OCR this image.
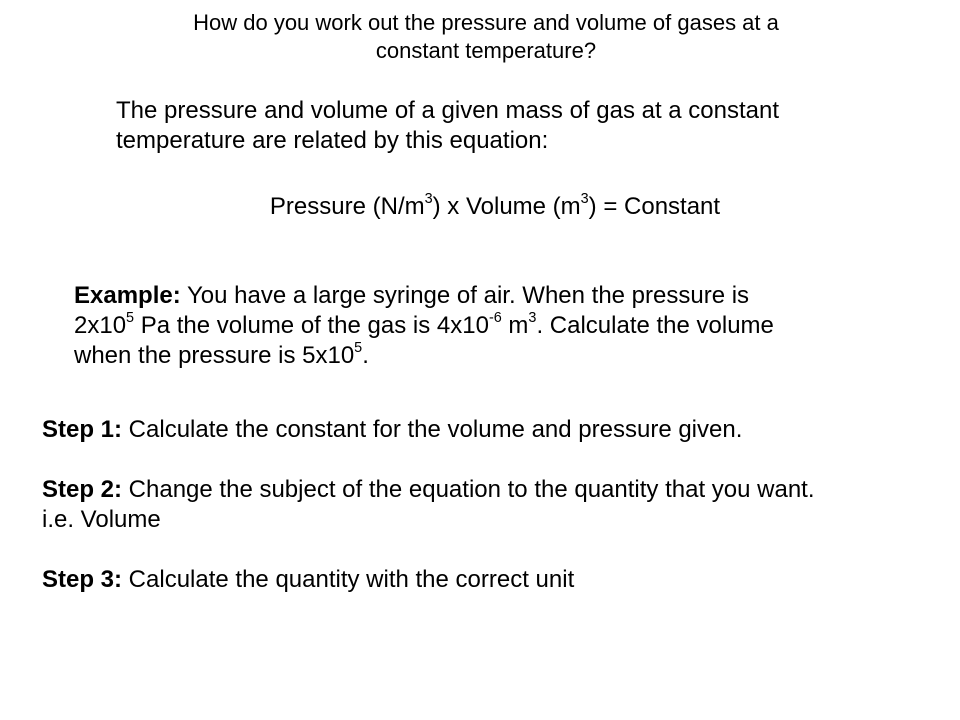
How do you work out the pressure and volume of gases at a
constant temperature?
The pressure and volume of a given mass of gas at a constant
temperature are related by this equation:
Pressure $(N/m^3)$ x Volume $(m^3)$ = Constant
Example: You have a large syringe of air. When the pressure is
$2x10^5$ Pa the volume of the gas is $4x10^{-6}$ $m^3$. Calculate the volume
when the pressure is $5x10^5$.
Step 1: Calculate the constant for the volume and pressure given.
Step 2: Change the subject of the equation to the quantity that you want.
i.e. Volume
Step 3: Calculate the quantity with the correct unit
